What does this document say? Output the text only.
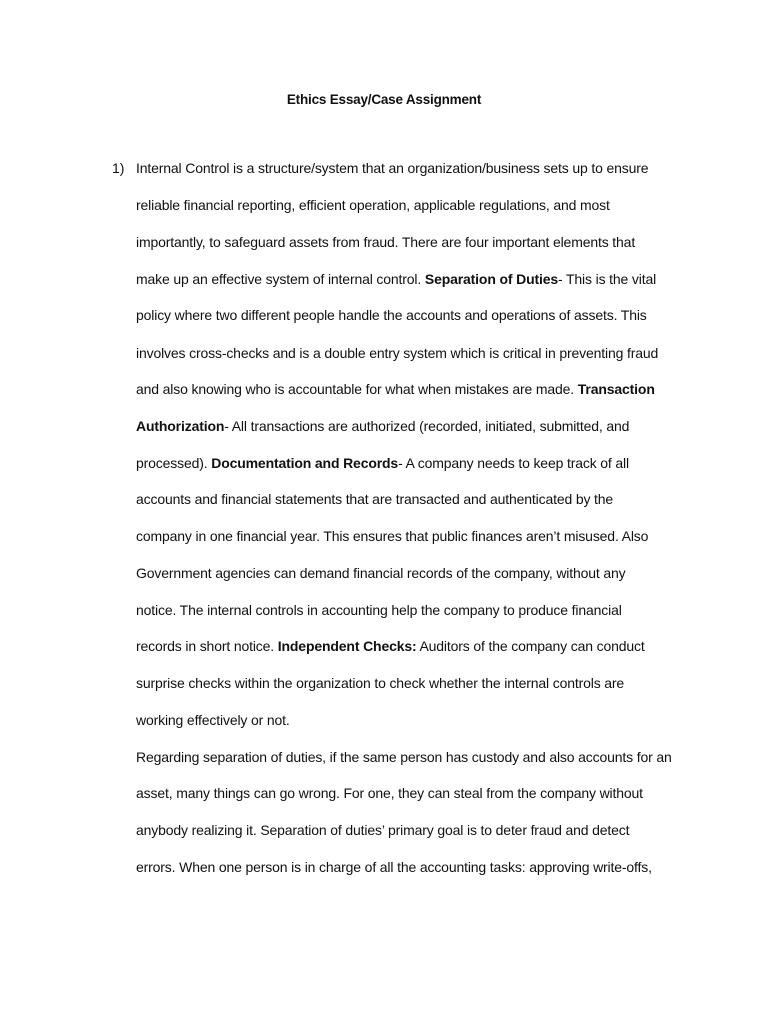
Ethics Essay/Case Assignment
1) Internal Control is a structure/system that an organization/business sets up to ensure
reliable financial reporting, efficient operation, applicable regulations, and most
importantly, to safeguard assets from fraud. There are four important elements that
make up an effective system of internal control. Separation of Duties- This is the vital
policy where two different people handle the accounts and operations of assets. This
involves cross-checks and is a double entry system which is critical in preventing fraud
and also knowing who is accountable for what when mistakes are made. Transaction
Authorization- All transactions are authorized (recorded, initiated, submitted, and
processed). Documentation and Records- A company needs to keep track of all
accounts and financial statements that are transacted and authenticated by the
company in one financial year. This ensures that public finances aren’t misused. Also
Government agencies can demand financial records of the company, without any
notice. The internal controls in accounting help the company to produce financial
records in short notice. Independent Checks: Auditors of the company can conduct
surprise checks within the organization to check whether the internal controls are
working effectively or not.
Regarding separation of duties, if the same person has custody and also accounts for an
asset, many things can go wrong. For one, they can steal from the company without
anybody realizing it. Separation of duties’ primary goal is to deter fraud and detect
errors. When one person is in charge of all the accounting tasks: approving write-offs,
